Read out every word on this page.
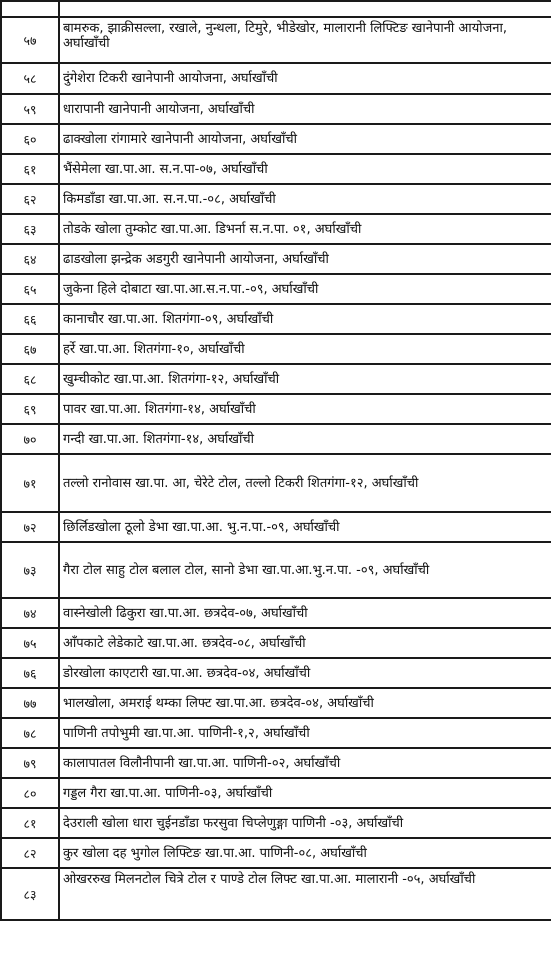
५७	बामरुक, झाक्रीसल्ला, रखाले, नुन्थला, टिमुरे, भीडेखोर, मालारानी लिफ्टिङ खानेपानी आयोजना, अर्घाखाँची
५८	दुंगेशेरा टिकरी खानेपानी आयोजना, अर्घाखाँची
५९	धारापानी खानेपानी आयोजना, अर्घाखाँची
६०	ढाक्खोला रांगामारे खानेपानी आयोजना, अर्घाखाँची
६१	भैंसेमेला खा.पा.आ. स.न.पा-०७, अर्घाखाँची
६२	किमडाँडा खा.पा.आ. स.न.पा.-०८, अर्घाखाँची
६३	तोडके खोला तुम्कोट खा.पा.आ. डिभर्ना स.न.पा. ०१, अर्घाखाँची
६४	ढाडखोला झन्द्रेक अडगुरी खानेपानी आयोजना, अर्घाखाँची
६५	जुकेना हिले दोबाटा खा.पा.आ.स.न.पा.-०९, अर्घाखाँची
६६	कानाचौर खा.पा.आ. शितगंगा-०९, अर्घाखाँची
६७	हर्रे खा.पा.आ. शितगंगा-१०, अर्घाखाँची
६८	खुम्चीकोट खा.पा.आ. शितगंगा-१२, अर्घाखाँची
६९	पावर खा.पा.आ. शितगंगा-१४, अर्घाखाँची
७०	गन्दी खा.पा.आ. शितगंगा-१४, अर्घाखाँची
७१	तल्लो रानोवास खा.पा. आ, चेरेटे टोल, तल्लो टिकरी शितगंगा-१२, अर्घाखाँची
७२	छिर्लिडखोला ठूलो डेभा खा.पा.आ. भु.न.पा.-०९, अर्घाखाँची
७३	गैरा टोल साहु टोल बलाल टोल, सानो डेभा खा.पा.आ.भु.न.पा. -०९, अर्घाखाँची
७४	वास्नेखोली ढिकुरा खा.पा.आ. छत्रदेव-०७, अर्घाखाँची
७५	आँपकाटे लेडेकाटे खा.पा.आ. छत्रदेव-०८, अर्घाखाँची
७६	डोरखोला काएटारी खा.पा.आ. छत्रदेव-०४, अर्घाखाँची
७७	भालखोला, अमराई थम्का लिफ्ट खा.पा.आ. छत्रदेव-०४, अर्घाखाँची
७८	पाणिनी तपोभुमी खा.पा.आ. पाणिनी-१,२, अर्घाखाँची
७९	कालापातल विलौनीपानी खा.पा.आ. पाणिनी-०२, अर्घाखाँची
८०	गड्डल गैरा खा.पा.आ. पाणिनी-०३, अर्घाखाँची
८१	देउराली खोला धारा चुईनडाँडा फरसुवा चिप्लेणुङ्गा पाणिनी -०३, अर्घाखाँची
८२	कुर खोला दह भुगोल लिफ्टिङ खा.पा.आ. पाणिनी-०८, अर्घाखाँची
८३	ओखररुख मिलनटोल चित्रे टोल र पाण्डे टोल लिफ्ट खा.पा.आ. मालारानी -०५, अर्घाखाँची
